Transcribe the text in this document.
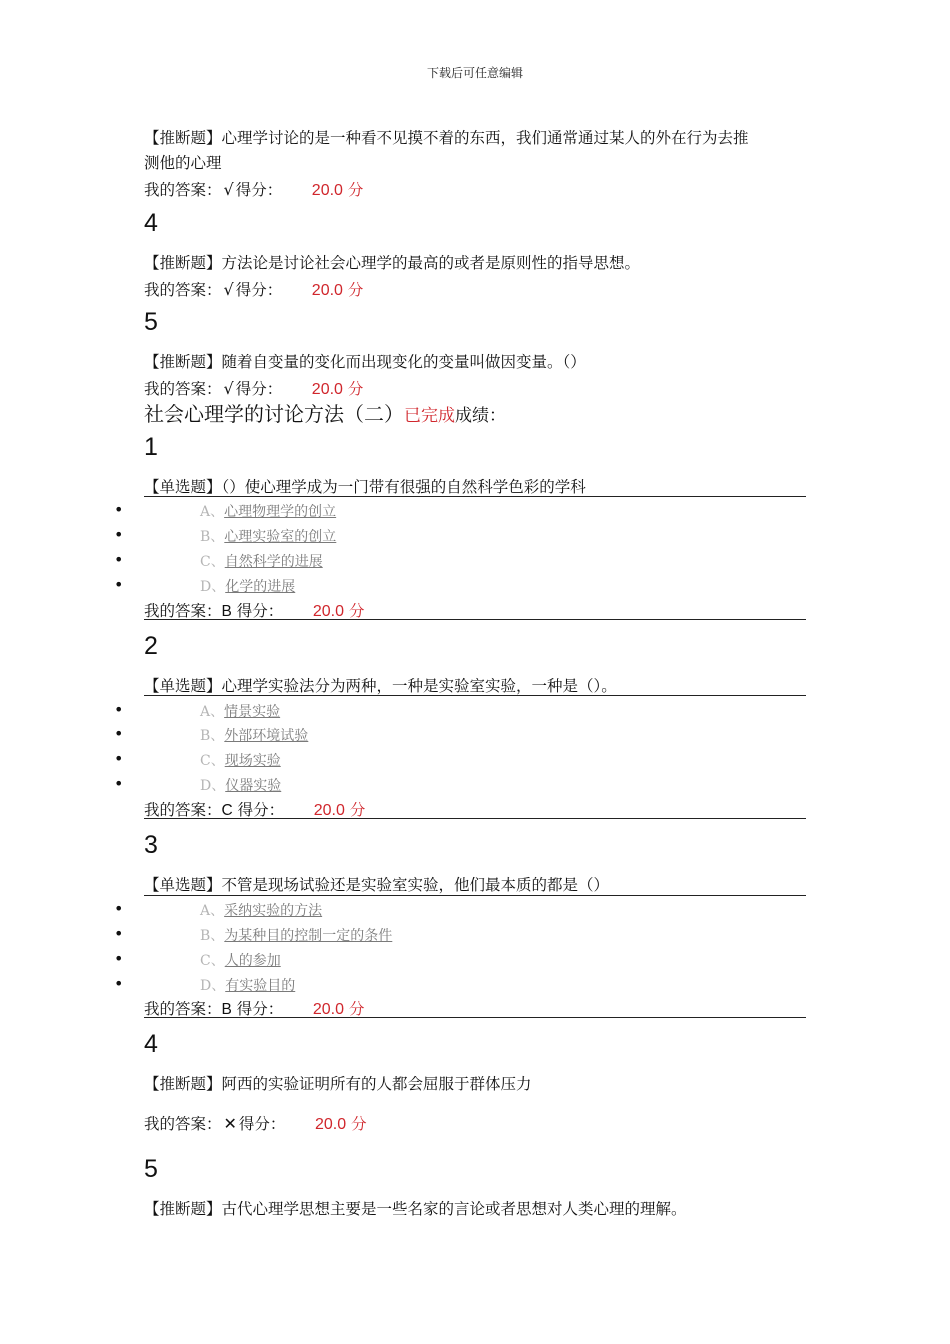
下载后可任意编辑
【推断题】心理学讨论的是一种看不见摸不着的东西，我们通常通过某人的外在行为去推
测他的心理
我的答案： √ 得分： 20.0 分
4
【推断题】方法论是讨论社会心理学的最高的或者是原则性的指导思想。
我的答案： √ 得分： 20.0 分
5
【推断题】随着自变量的变化而出现变化的变量叫做因变量。（）
我的答案： √ 得分： 20.0 分
社会心理学的讨论方法（二）已完成成绩：
1
【单选题】（）使心理学成为一门带有很强的自然科学色彩的学科
•	A、心理物理学的创立
•	B、心理实验室的创立
•	C、自然科学的进展
•	D、化学的进展
我的答案：B 得分： 20.0 分
2
【单选题】心理学实验法分为两种，一种是实验室实验，一种是（）。
•	A、情景实验
•	B、外部环境试验
•	C、现场实验
•	D、仪器实验
我的答案：C 得分： 20.0 分
3
【单选题】不管是现场试验还是实验室实验，他们最本质的都是（）
•	A、采纳实验的方法
•	B、为某种目的控制一定的条件
•	C、人的参加
•	D、有实验目的
我的答案：B 得分： 20.0 分
4
【推断题】阿西的实验证明所有的人都会屈服于群体压力
我的答案： ✕ 得分： 20.0 分
5
【推断题】古代心理学思想主要是一些名家的言论或者思想对人类心理的理解。
